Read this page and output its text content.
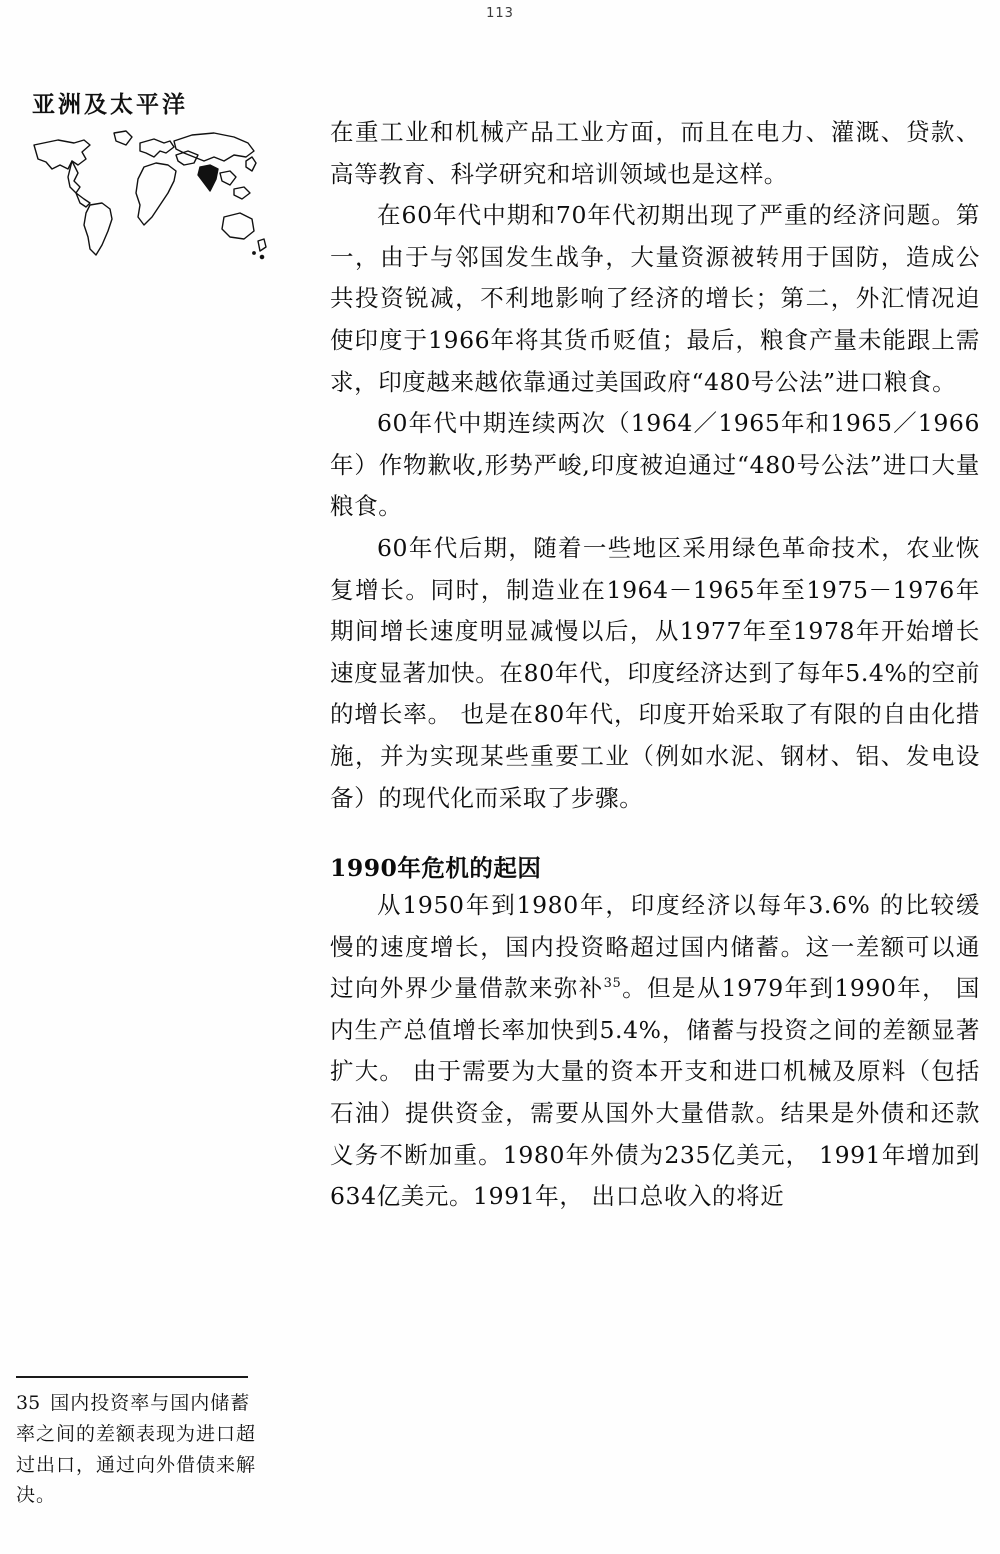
113
亚洲及太平洋
35 国内投资率与国内储蓄率之间的差额表现为进口超过出口，通过向外借债来解决。

在重工业和机械产品工业方面，而且在电力、灌溉、贷款、高等教育、科学研究和培训领域也是这样。

在60年代中期和70年代初期出现了严重的经济问题。第一，由于与邻国发生战争，大量资源被转用于国防，造成公共投资锐减，不利地影响了经济的增长；第二，外汇情况迫使印度于1966年将其货币贬值；最后，粮食产量未能跟上需求，印度越来越依靠通过美国政府“480号公法”进口粮食。

60年代中期连续两次（1964／1965年和1965／1966年）作物歉收,形势严峻,印度被迫通过“480号公法”进口大量粮食。

60年代后期，随着一些地区采用绿色革命技术，农业恢复增长。同时，制造业在1964－1965年至1975－1976年期间增长速度明显减慢以后，从1977年至1978年开始增长速度显著加快。在80年代，印度经济达到了每年5.4%的空前的增长率。 也是在80年代，印度开始采取了有限的自由化措施，并为实现某些重要工业（例如水泥、钢材、铝、发电设备）的现代化而采取了步骤。

1990年危机的起因

从1950年到1980年，印度经济以每年3.6% 的比较缓慢的速度增长，国内投资略超过国内储蓄。这一差额可以通过向外界少量借款来弥补$^{35}$。但是从1979年到1990年， 国内生产总值增长率加快到5.4%，储蓄与投资之间的差额显著扩大。 由于需要为大量的资本开支和进口机械及原料（包括石油）提供资金，需要从国外大量借款。结果是外债和还款义务不断加重。1980年外债为235亿美元， 1991年增加到634亿美元。1991年， 出口总收入的将近
